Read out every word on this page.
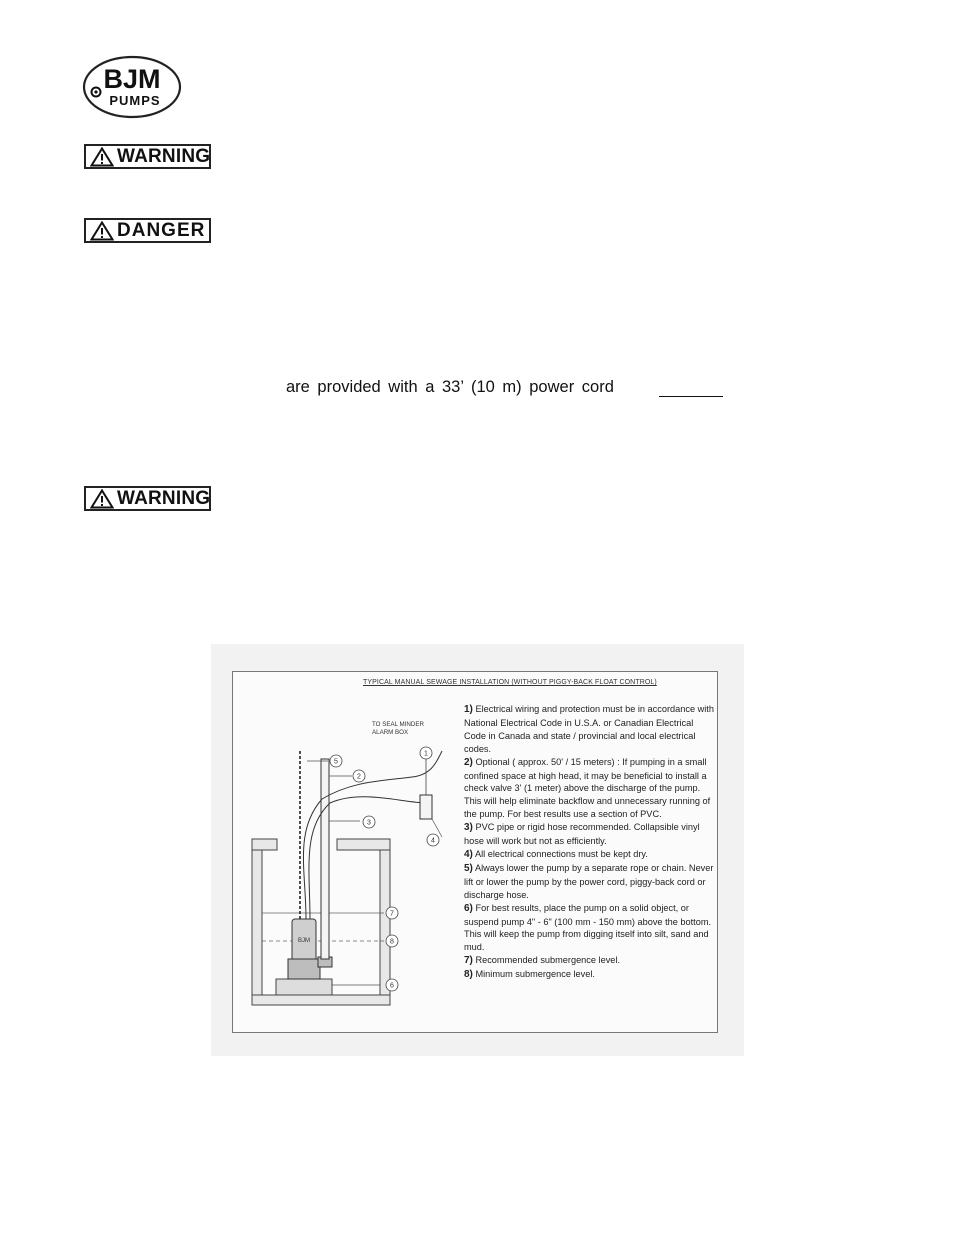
BJM
PUMPS
WARNING
DANGER
are provided with a 33’ (10 m) power cord
WARNING
BJM
TO SEAL MINDER
ALARM BOX
1
2
3
4
5
6
7
8
TYPICAL MANUAL SEWAGE INSTALLATION (WITHOUT PIGGY-BACK FLOAT CONTROL)

1) Electrical wiring and protection must be in accordance with National Electrical Code in U.S.A. or Canadian Electrical Code in Canada and state / provincial and local electrical codes.

2) Optional ( approx. 50' / 15 meters) : If pumping in a small confined space at high head, it may be beneficial to install a check valve 3' (1 meter) above the discharge of the pump. This will help eliminate backflow and unnecessary running of the pump. For best results use a section of PVC.

3) PVC pipe or rigid hose recommended. Collapsible vinyl hose will work but not as efficiently.

4) All electrical connections must be kept dry.

5) Always lower the pump by a separate rope or chain. Never lift or lower the pump by the power cord, piggy-back cord or discharge hose.

6) For best results, place the pump on a solid object, or suspend pump 4" - 6" (100 mm - 150 mm) above the bottom. This will keep the pump from digging itself into silt, sand and mud.

7) Recommended submergence level.

8) Minimum submergence level.
